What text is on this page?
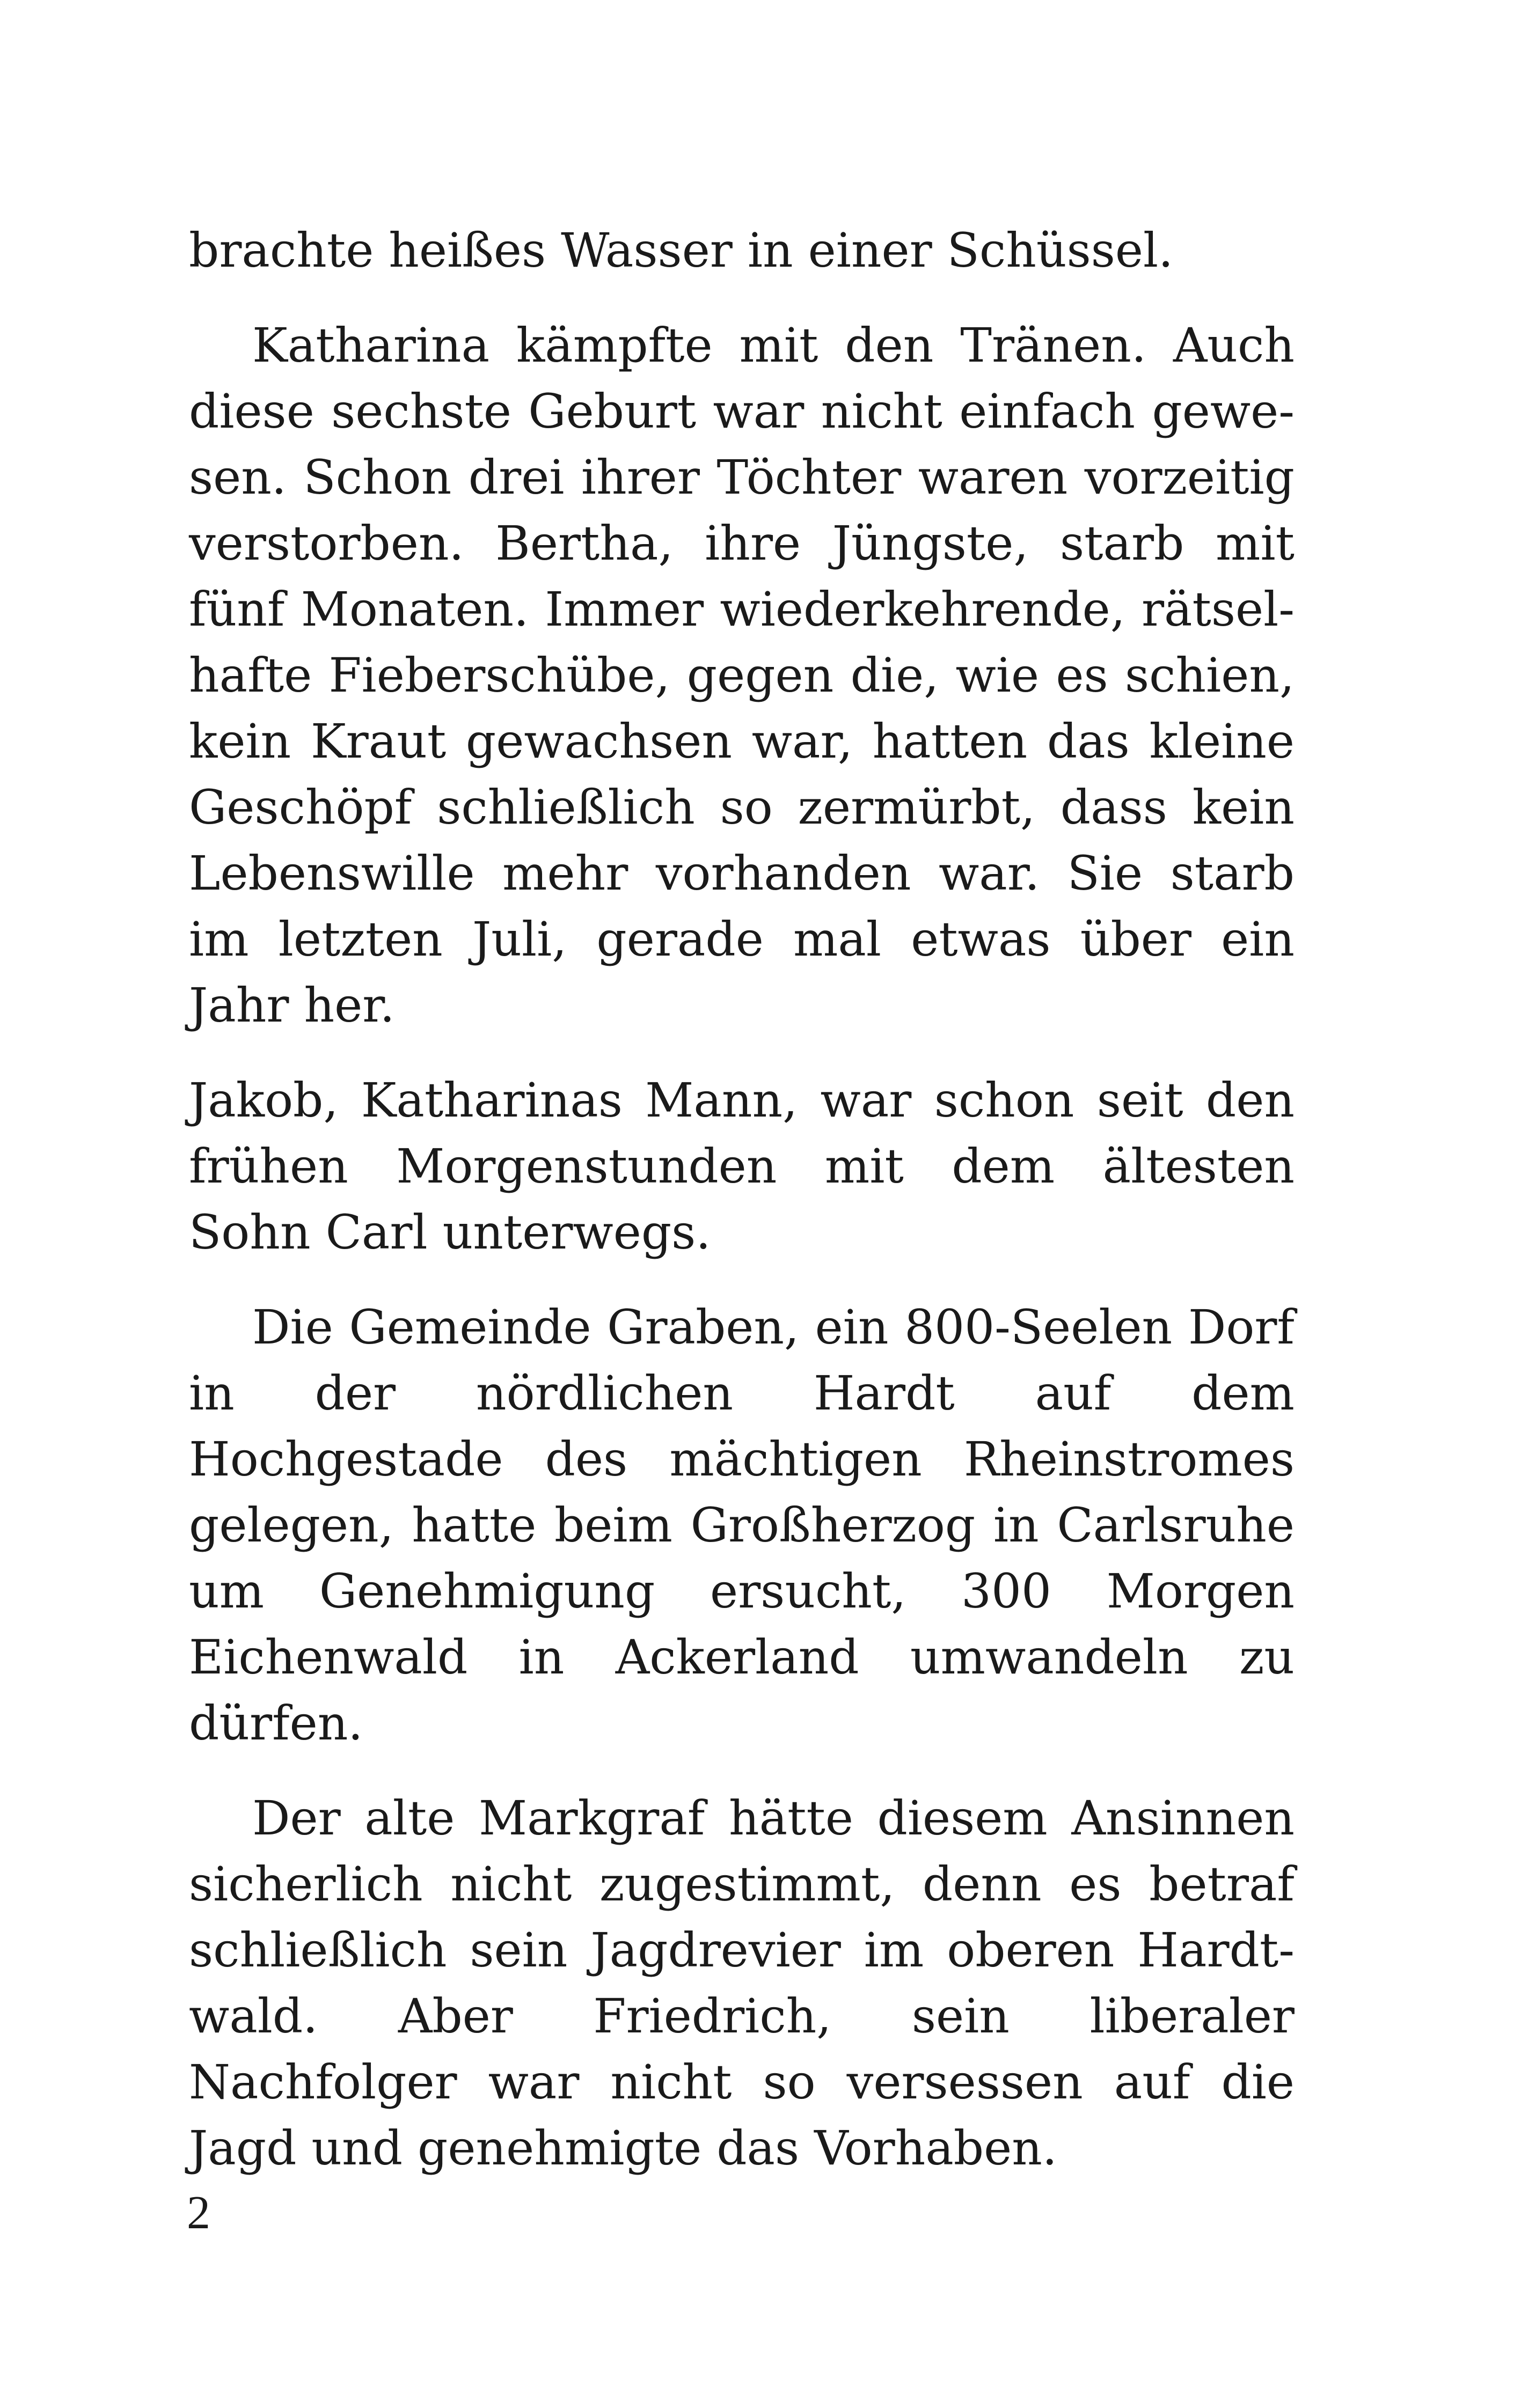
brachte heißes Wasser in einer Schüssel.

Katharina kämpfte mit den Tränen. Auch diese sechste Geburt war nicht einfach gewesen. Schon drei ihrer Töchter waren vorzeitig verstorben. Bertha, ihre Jüngste, starb mit fünf Monaten. Immer wiederkehrende, rätselhafte Fieberschübe, gegen die, wie es schien, kein Kraut gewachsen war, hatten das kleine Geschöpf schließlich so zermürbt, dass kein Lebenswille mehr vorhanden war. Sie starb im letzten Juli, gerade mal etwas über ein Jahr her.

Jakob, Katharinas Mann, war schon seit den frühen Morgenstunden mit dem ältesten Sohn Carl unterwegs.

Die Gemeinde Graben, ein 800-Seelen Dorf in der nördlichen Hardt auf dem Hochgestade des mächtigen Rheinstromes gelegen, hatte beim Großherzog in Carlsruhe um Genehmigung ersucht, 300 Morgen Eichenwald in Ackerland umwandeln zu dürfen.

Der alte Markgraf hätte diesem Ansinnen sicherlich nicht zugestimmt, denn es betraf schließlich sein Jagdrevier im oberen Hardtwald. Aber Friedrich, sein liberaler Nachfolger war nicht so versessen auf die Jagd und genehmigte das Vorhaben.

2
